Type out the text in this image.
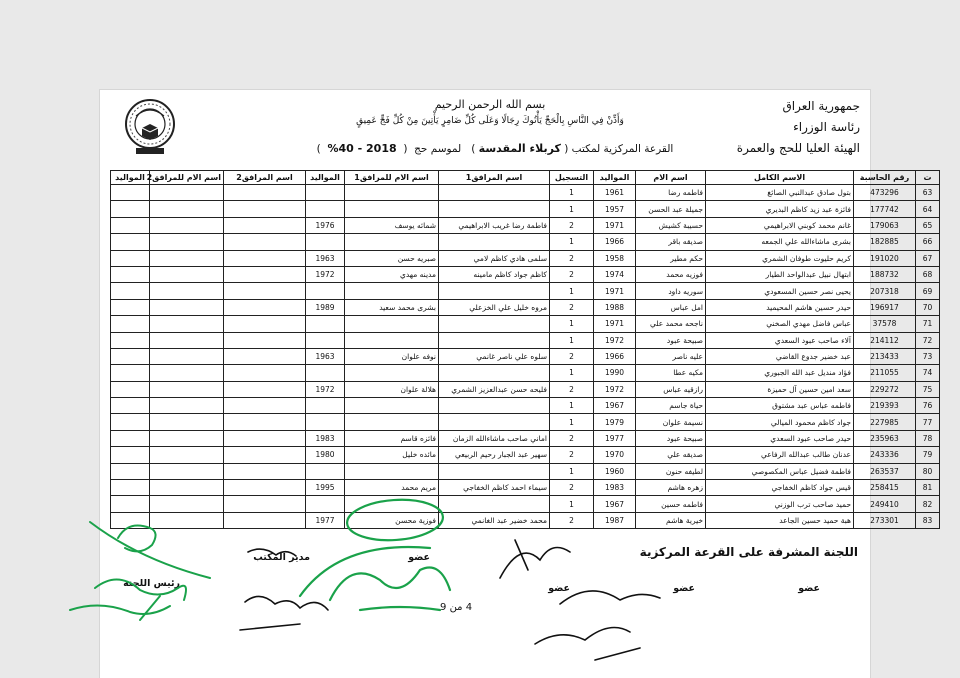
جمهورية العراق
رئاسة الوزراء
الهيئة العليا للحج والعمرة
بسم الله الرحمن الرحيم
وَأَذِّنْ فِي النَّاسِ بِالْحَجِّ يَأْتُوكَ رِجَالًا وَعَلَى كُلِّ ضَامِرٍ يَأْتِينَ مِنْ كُلِّ فَجٍّ عَمِيقٍ
القرعة المركزية لمكتب ( كربلاء المقدسة )   لموسم حج  (  2018 - 40%  )
ت	رقم الحاسبة	الاسم الكامل	اسم الام	المواليد	التسجيل	اسم المرافق1	اسم الام للمرافق1	المواليد	اسم المرافق2	اسم الام للمرافق2	المواليد
63	473296	بتول صادق عبدالنبي الصائغ	فاطمه رضا	1961	1						
64	177742	فائزة عبد زيد كاظم البديري	جميلة عبد الحسن	1957	1						
65	179063	غانم محمد كوبني الابراهيمي	حسيبة كشيش	1971	2	فاطمة رضا غريب الابراهيمي	شمائه يوسف	1976			
66	182885	بشرى ماشاءالله علي الجمعه	صديقه باقر	1966	1						
67	191020	كريم حليوت طوفان الشمري	حكم مطير	1958	2	سلمى هادي كاظم لامي	صبريه حسن	1963			
68	188732	ابتهال نبيل عبدالواحد الطيار	فوزيه محمد	1974	2	كاظم جواد كاظم مامينه	مدينه مهدي	1972			
69	207318	يحيى نصر حسين المسعودي	سوريه داود	1971	1						
70	196917	حيدر حسين هاشم المحيميد	امل عباس	1988	2	مروه خليل علي الخزعلي	بشرى محمد سعيد	1989			
71	37578	عباس فاضل مهدي الصخني	ناجحه محمد علي	1971	1						
72	214112	آلاء صاحب عبود السعدي	صبيحة عبود	1972	1						
73	213433	عبد خضير جدوع القاضي	عليه ناصر	1966	2	سلوه علي ناصر غانمي	نوفه علوان	1963			
74	211055	فؤاد منديل عبد الله الجبوري	مكيه عطا	1990	1						
75	229272	سعد امين حسين آل حميزة	رازقيه عباس	1972	2	فليحه حسن عبدالعزيز الشمري	هلالة علوان	1972			
76	219393	فاطمه عباس عبد مشتوق	حياة جاسم	1967	1						
77	227985	جواد كاظم محمود الميالي	نسيمة علوان	1979	1						
78	235963	حيدر صاحب عبود السعدي	صبيحة عبود	1977	2	اماني صاحب ماشاءالله الزمان	فائزه قاسم	1983			
79	243336	عدنان طالب عبدالله الرفاعي	صديقه علي	1970	2	سهير عبد الجبار رحيم الربيعي	مائده خليل	1980			
80	263537	فاطمة فضيل عباس المكصوصي	لطيفه حنون	1960	1						
81	258415	قيس جواد كاظم الخفاجي	زهره هاشم	1983	2	سيماء احمد كاظم الخفاجي	مريم محمد	1995			
82	249410	حميد صاحب ترب الوزني	فاطمه حسين	1967	1						
83	273301	هبة حميد حسين الجاعد	خيرية هاشم	1987	2	محمد خضير عبد الغانمي	فوزية محسن	1977			
اللجنة المشرفة على القرعة المركزية
عضو
عضو
عضو
عضو
مدير المكتب
رئيس اللجنة
4 من 9
